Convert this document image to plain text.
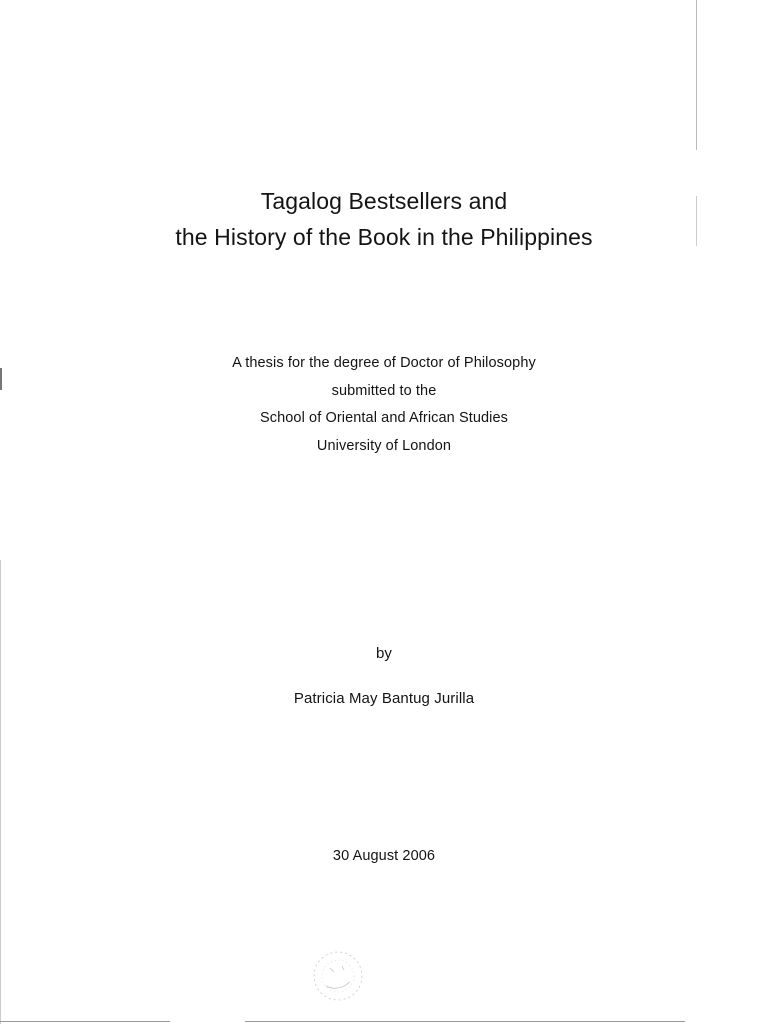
Tagalog Bestsellers and
the History of the Book in the Philippines

A thesis for the degree of Doctor of Philosophy

submitted to the

School of Oriental and African Studies

University of London

by

Patricia May Bantug Jurilla

30 August 2006
